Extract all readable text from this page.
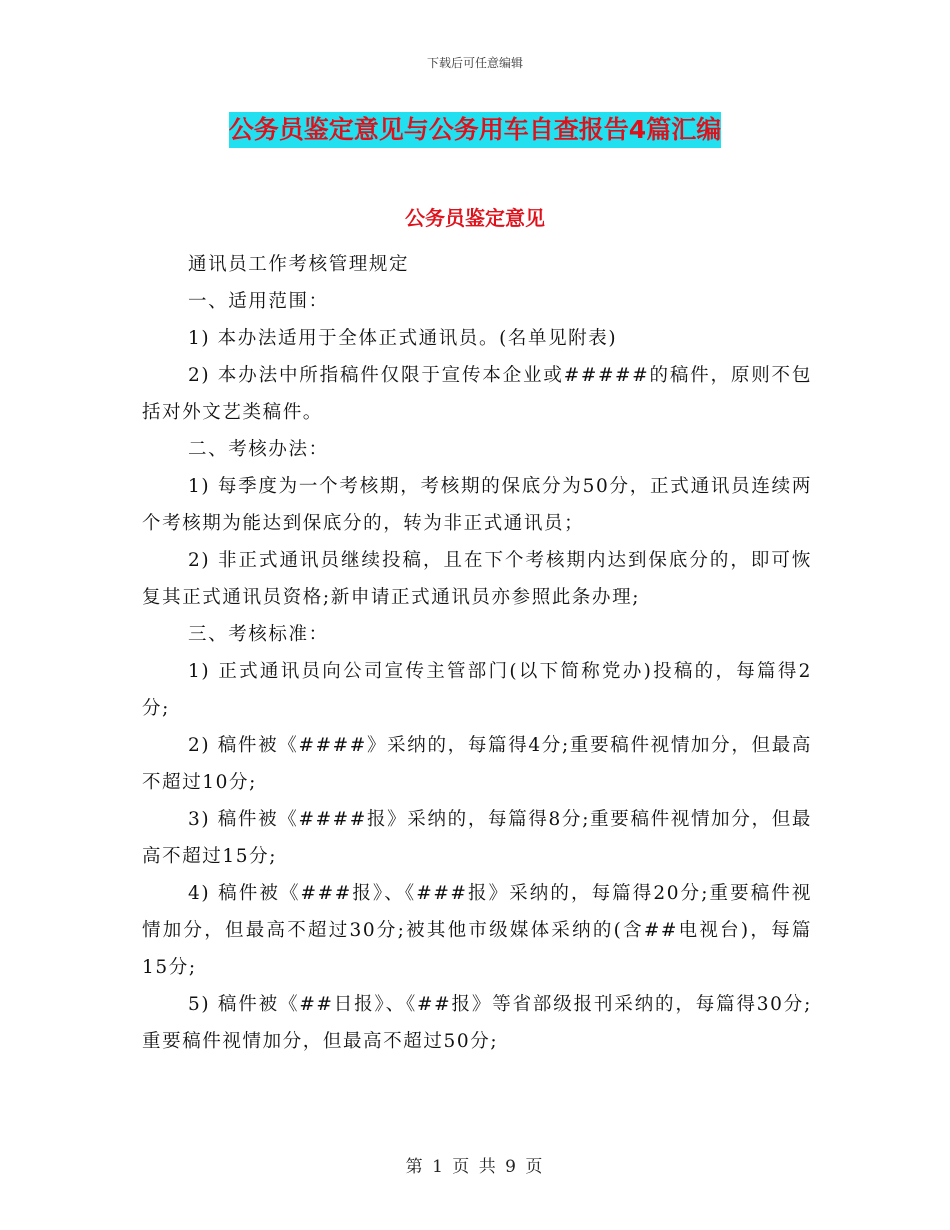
下载后可任意编辑
公务员鉴定意见与公务用车自查报告4篇汇编
公务员鉴定意见

通讯员工作考核管理规定

一、适用范围：

1) 本办法适用于全体正式通讯员。(名单见附表)

2) 本办法中所指稿件仅限于宣传本企业或#####的稿件，原则不包括对外文艺类稿件。

二、考核办法：

1) 每季度为一个考核期，考核期的保底分为50分，正式通讯员连续两个考核期为能达到保底分的，转为非正式通讯员；

2) 非正式通讯员继续投稿，且在下个考核期内达到保底分的，即可恢复其正式通讯员资格;新申请正式通讯员亦参照此条办理;

三、考核标准：

1) 正式通讯员向公司宣传主管部门(以下简称党办)投稿的，每篇得2分;

2) 稿件被《####》采纳的，每篇得4分;重要稿件视情加分，但最高不超过10分;

3) 稿件被《####报》采纳的，每篇得8分;重要稿件视情加分，但最高不超过15分;

4) 稿件被《###报》、《###报》采纳的，每篇得20分;重要稿件视情加分，但最高不超过30分;被其他市级媒体采纳的(含##电视台)，每篇15分;

5) 稿件被《##日报》、《##报》等省部级报刊采纳的，每篇得30分;重要稿件视情加分，但最高不超过50分;

第 1 页 共 9 页
